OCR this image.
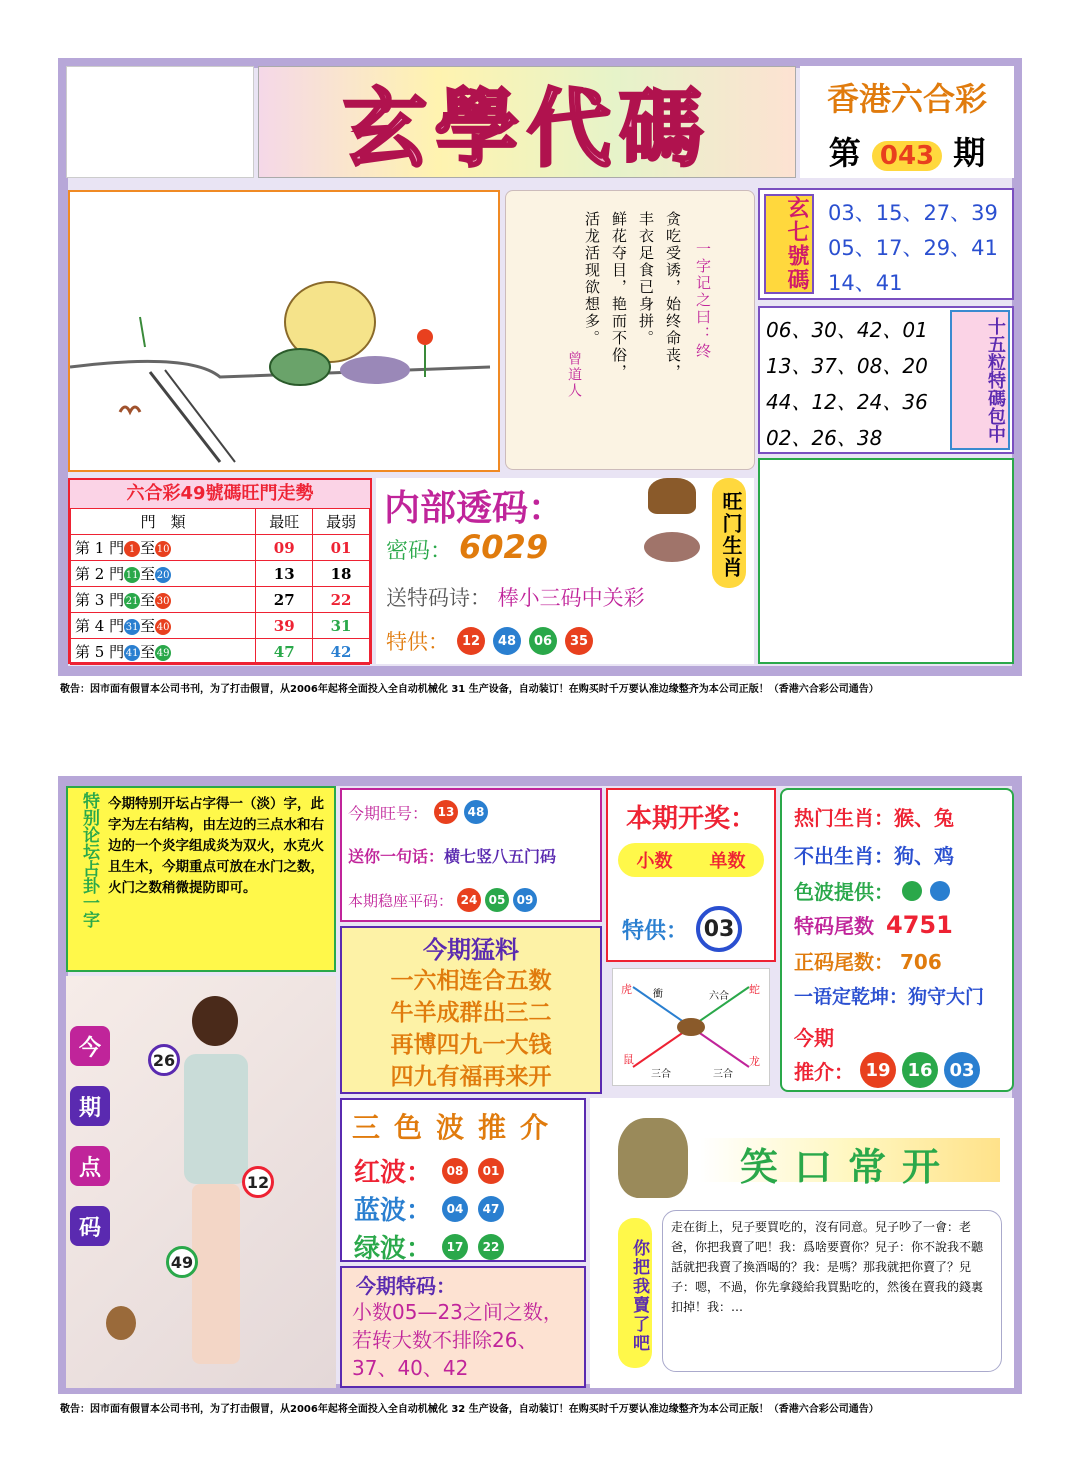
玄學代碼	香港六合彩
第 043 期
一字记之曰：终
贪吃受诱，始终命丧，
丰衣足食已身拼。
鲜花夺目，艳而不俗，
活龙活现欲想多。
曾道人
玄七號碼 03、15、27、39
05、17、29、41
14、41
06、30、42、01
13、37、08、20
44、12、24、36
02、26、38	十五粒特碼包中
六合彩49號碼旺門走勢
門　類	最旺	最弱
第 1 門 1 至 10	09	01
第 2 門 11 至 20	13	18
第 3 門 21 至 30	27	22
第 4 門 31 至 40	39	31
第 5 門 41 至 49	47	42
内部透码：
密码： 6029
送特码诗： 棒小三码中关彩
特供： 12	48	06	35
旺门生肖
敬告：因市面有假冒本公司书刊，为了打击假冒，从2006年起将全面投入全自动机械化 31 生产设备，自动装订！在购买时千万要认准边缘整齐为本公司正版！（香港六合彩公司通告）
特别论坛占卦一字 今期特别开坛占字得一（淡）字，此字为左右结构，由左边的三点水和右边的一个炎字组成炎为双火，水克火且生木，今期重点可放在水门之数，火门之数稍微提防即可。
今期旺号： 13	48
送你一句话：横七竖八五门码
本期稳座平码： 24 05 09
今期猛料
一六相连合五数
牛羊成群出三二
再博四九一大钱
四九有福再来开
本期开奖：
小数 单数
特供： 03
虎 衝	六合
蛇
鼠
三合	三合
龙
热门生肖：猴、兔
不出生肖：狗、鸡
色波提供：
特码尾数 4751
正码尾数： 706
一语定乾坤：狗守大门
今期
推介： 19 16 03
今
期
点
码
26
12
49
三色波推介
红波：	08	01
蓝波：	04	47
绿波：	17	22
今期特码：
小数05—23之间之数，若转大数不排除26、37、40、42
笑口常开
你把我賣了吧
走在街上，兒子要買吃的，沒有同意。兒子吵了一會：老爸，你把我賣了吧！我：爲啥要賣你？兒子：你不說我不聽話就把我賣了換酒喝的？我：是嗎？那我就把你賣了？兒子：嗯，不過，你先拿錢給我買點吃的，然後在賣我的錢裏扣掉！我：…
敬告：因市面有假冒本公司书刊，为了打击假冒，从2006年起将全面投入全自动机械化 32 生产设备，自动装订！在购买时千万要认准边缘整齐为本公司正版！（香港六合彩公司通告）
